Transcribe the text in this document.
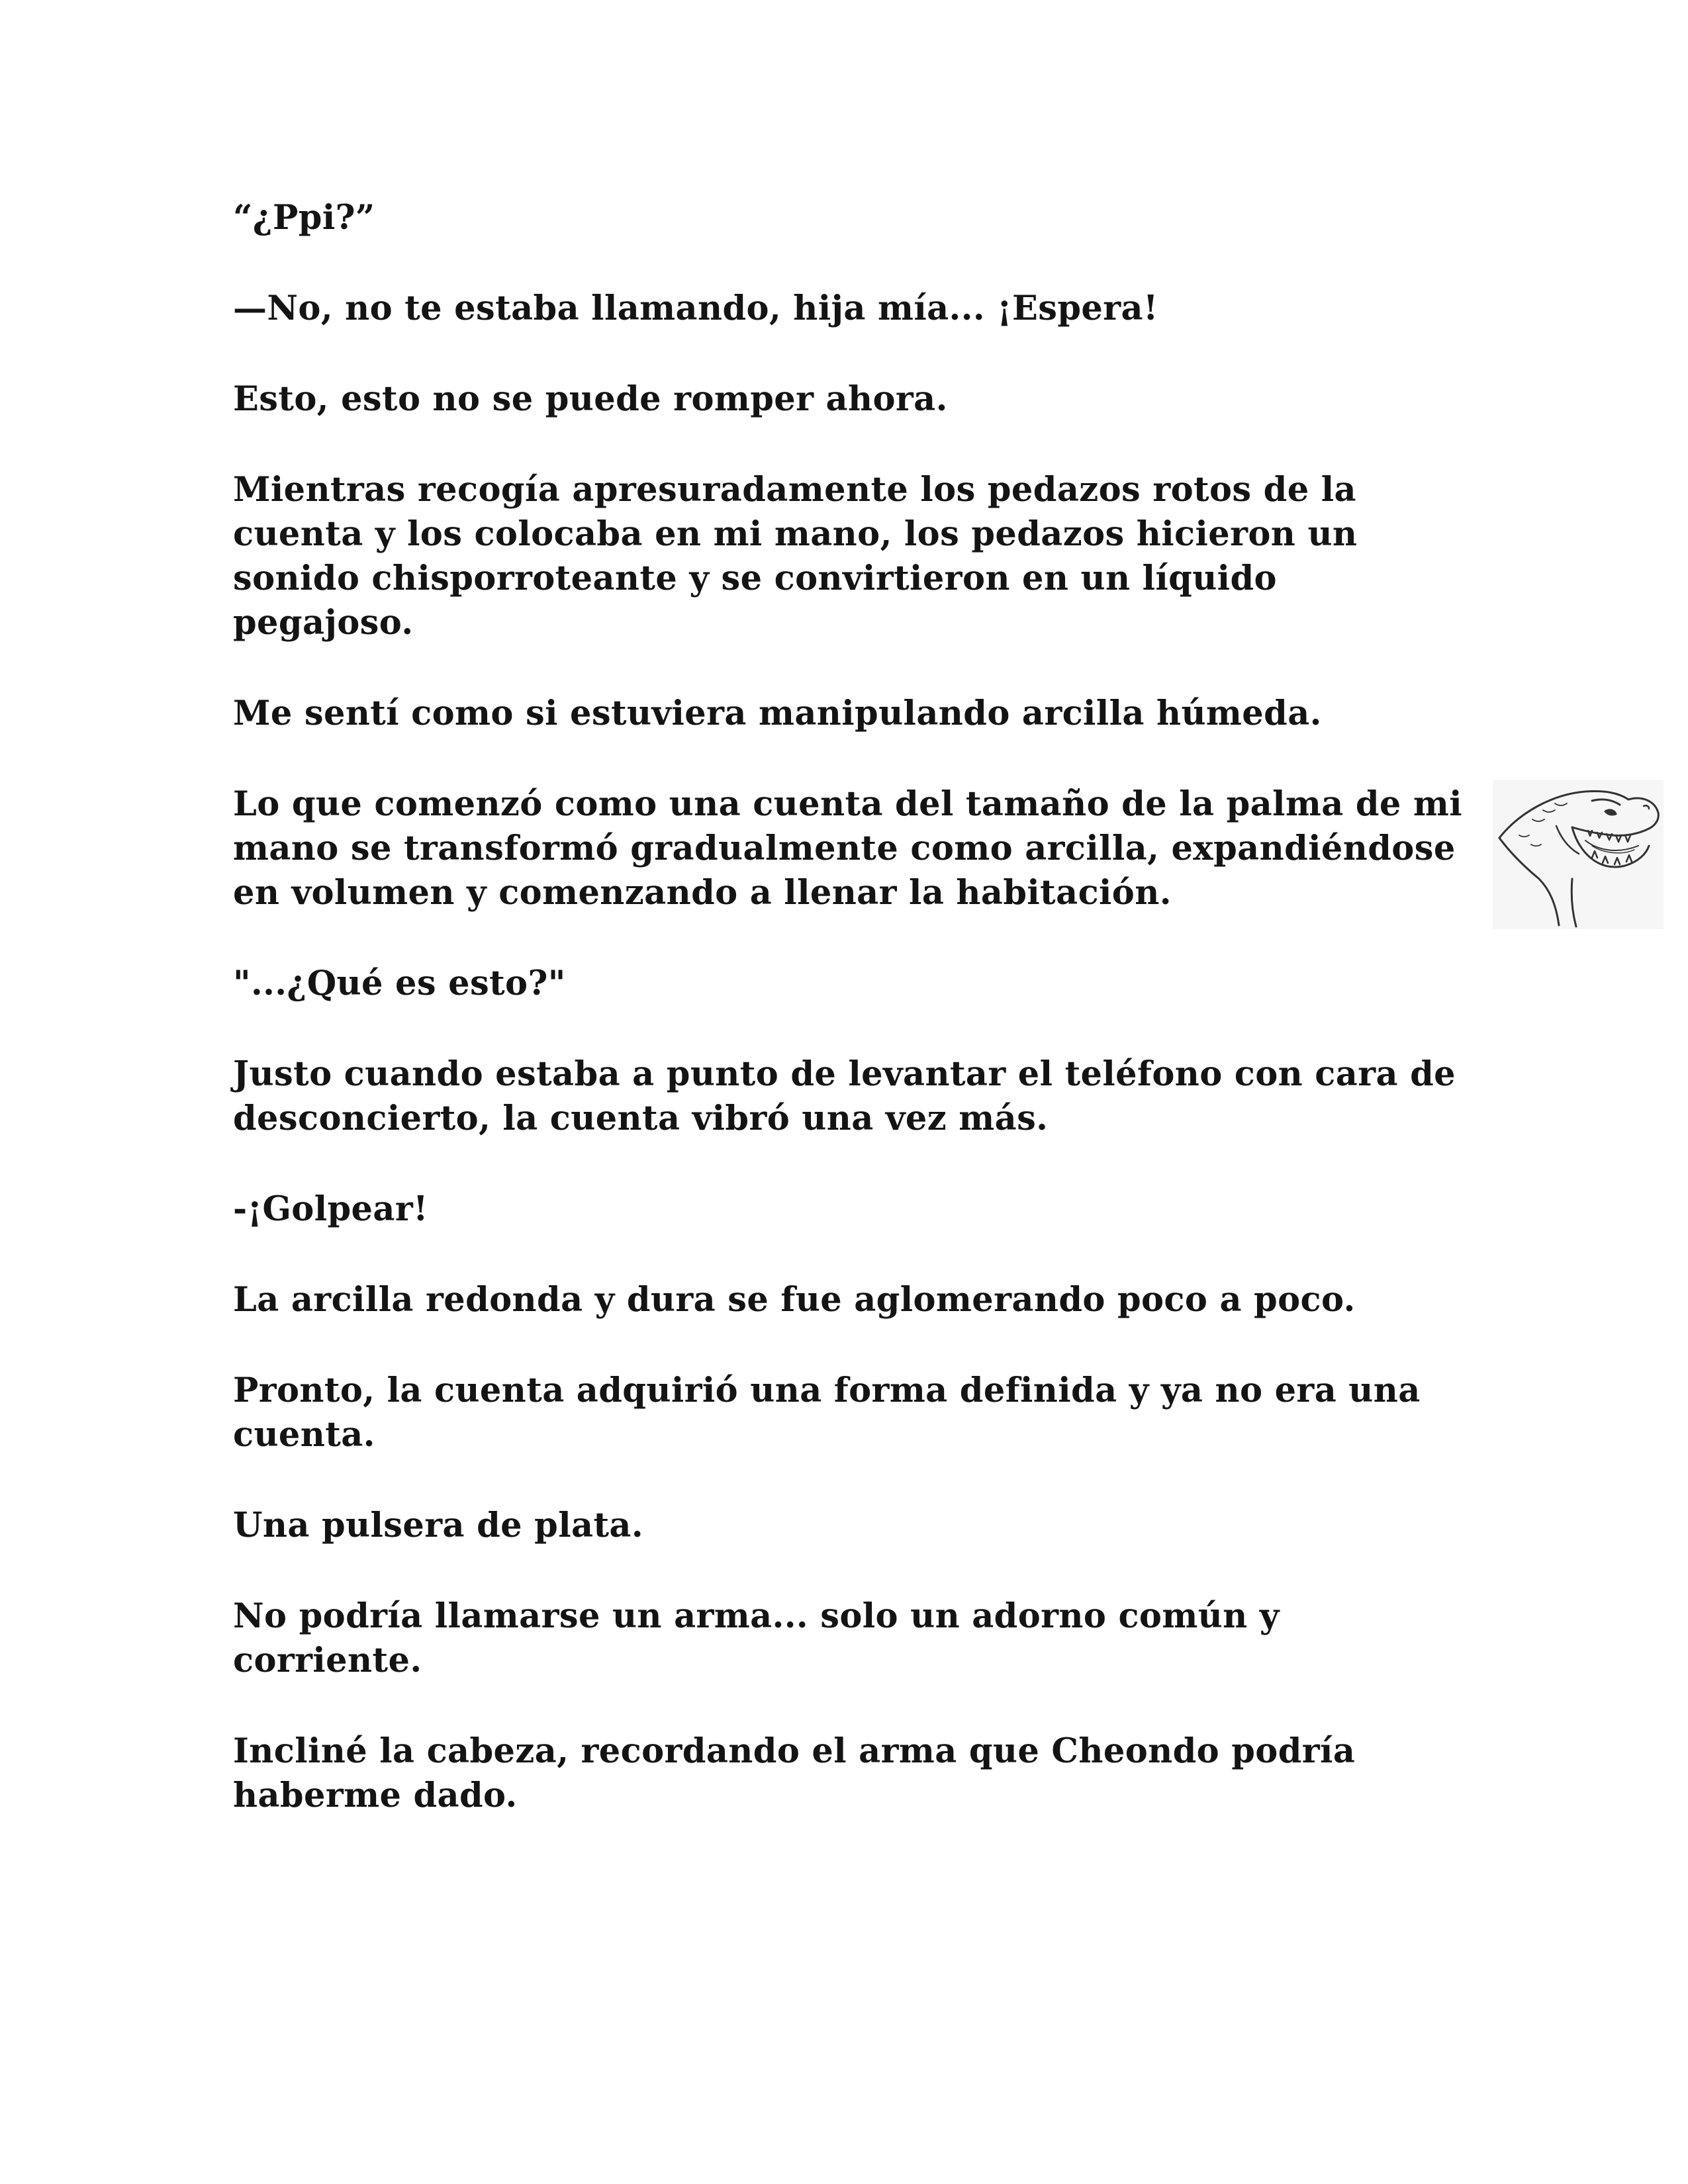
“¿Ppi?”

—No, no te estaba llamando, hija mía... ¡Espera!

Esto, esto no se puede romper ahora.

Mientras recogía apresuradamente los pedazos rotos de la cuenta y los colocaba en mi mano, los pedazos hicieron un sonido chisporroteante y se convirtieron en un líquido pegajoso.

Me sentí como si estuviera manipulando arcilla húmeda.

Lo que comenzó como una cuenta del tamaño de la palma de mi mano se transformó gradualmente como arcilla, expandiéndose en volumen y comenzando a llenar la habitación.

"...¿Qué es esto?"

Justo cuando estaba a punto de levantar el teléfono con cara de desconcierto, la cuenta vibró una vez más.

-¡Golpear!

La arcilla redonda y dura se fue aglomerando poco a poco.

Pronto, la cuenta adquirió una forma definida y ya no era una cuenta.

Una pulsera de plata.

No podría llamarse un arma... solo un adorno común y corriente.

Incliné la cabeza, recordando el arma que Cheondo podría haberme dado.
